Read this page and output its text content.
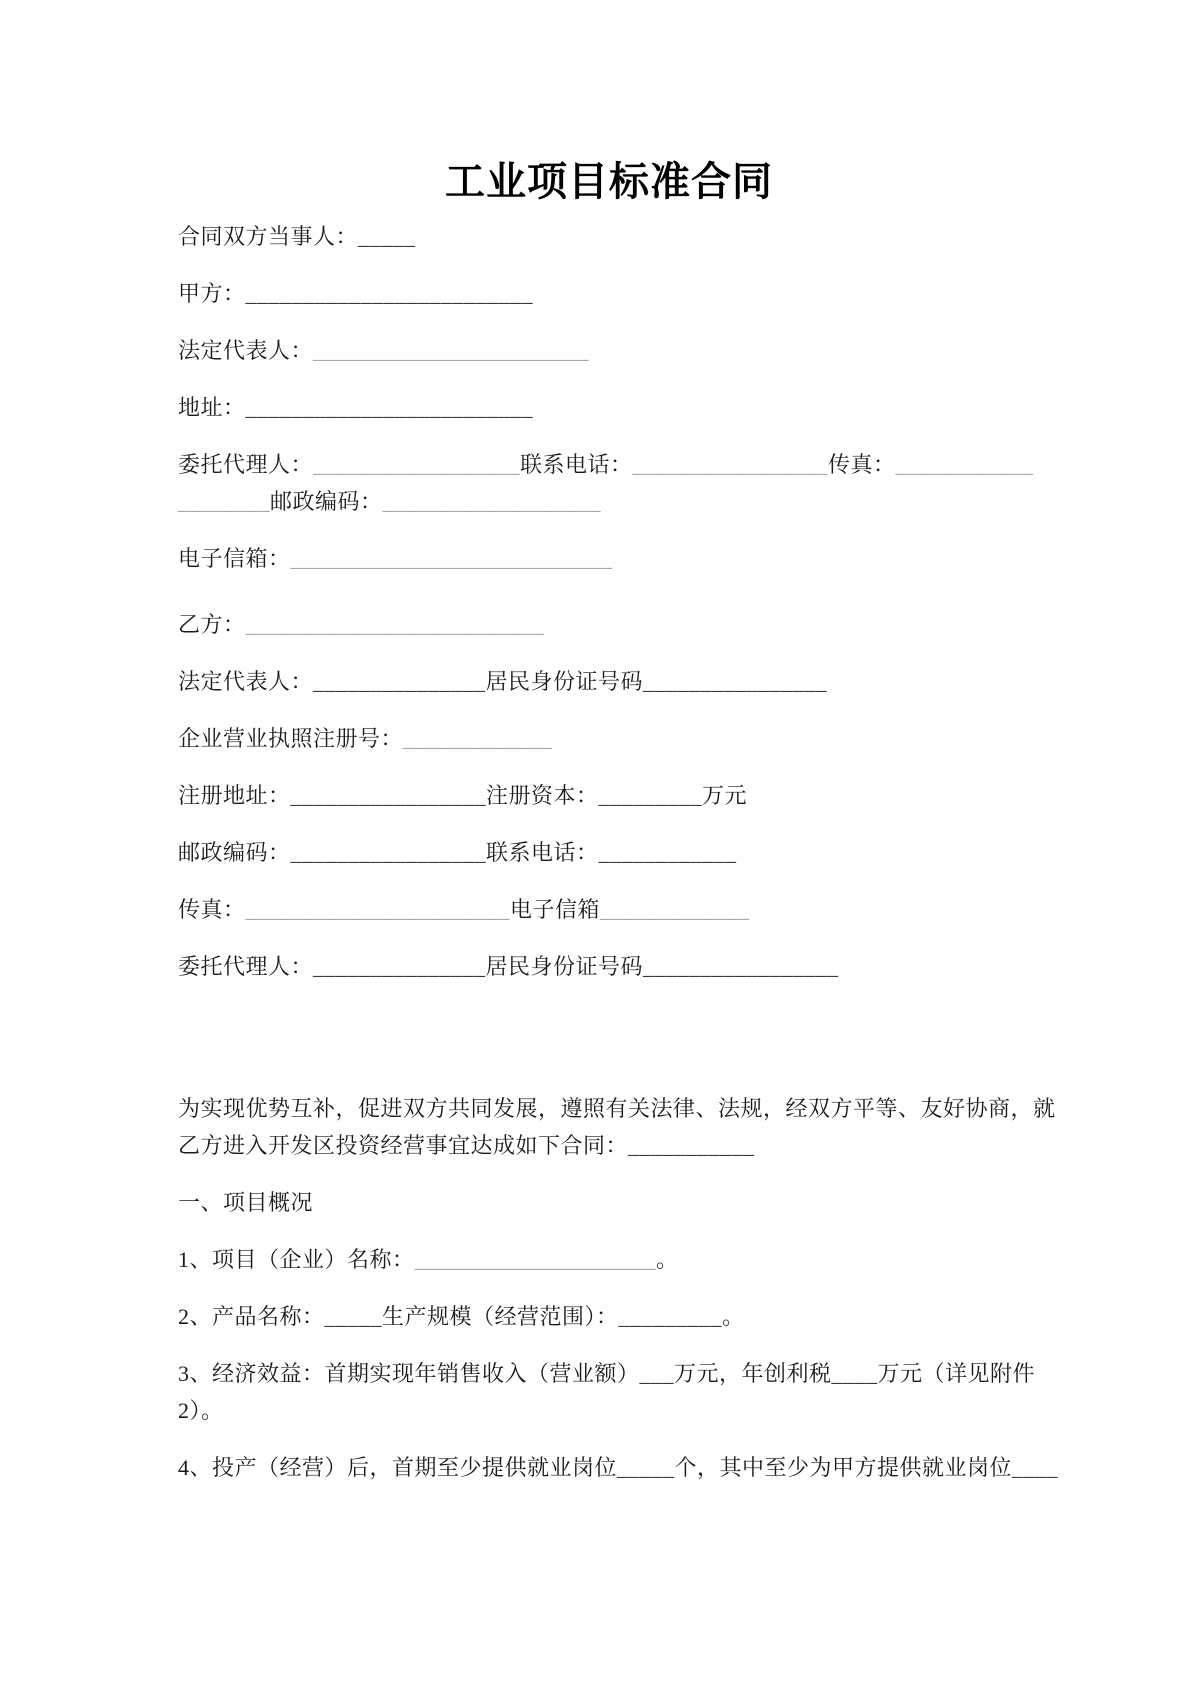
工业项目标准合同

合同双方当事人：_____

甲方：_________________________

法定代表人：________________________

地址：_________________________

委托代理人：__________________联系电话：_________________传真：____________

________邮政编码：___________________

电子信箱：____________________________

乙方：__________________________

法定代表人：_______________居民身份证号码________________

企业营业执照注册号：_____________

注册地址：_________________注册资本：_________万元

邮政编码：_________________联系电话：____________

传真：_______________________电子信箱_____________

委托代理人：_______________居民身份证号码_________________

为实现优势互补，促进双方共同发展，遵照有关法律、法规，经双方平等、友好协商，就

乙方进入开发区投资经营事宜达成如下合同：___________

一、项目概况

1、项目（企业）名称：_____________________。

2、产品名称：_____生产规模（经营范围）：_________。

3、经济效益：首期实现年销售收入（营业额）___万元，年创利税____万元（详见附件

2）。

4、投产（经营）后，首期至少提供就业岗位_____个，其中至少为甲方提供就业岗位____
